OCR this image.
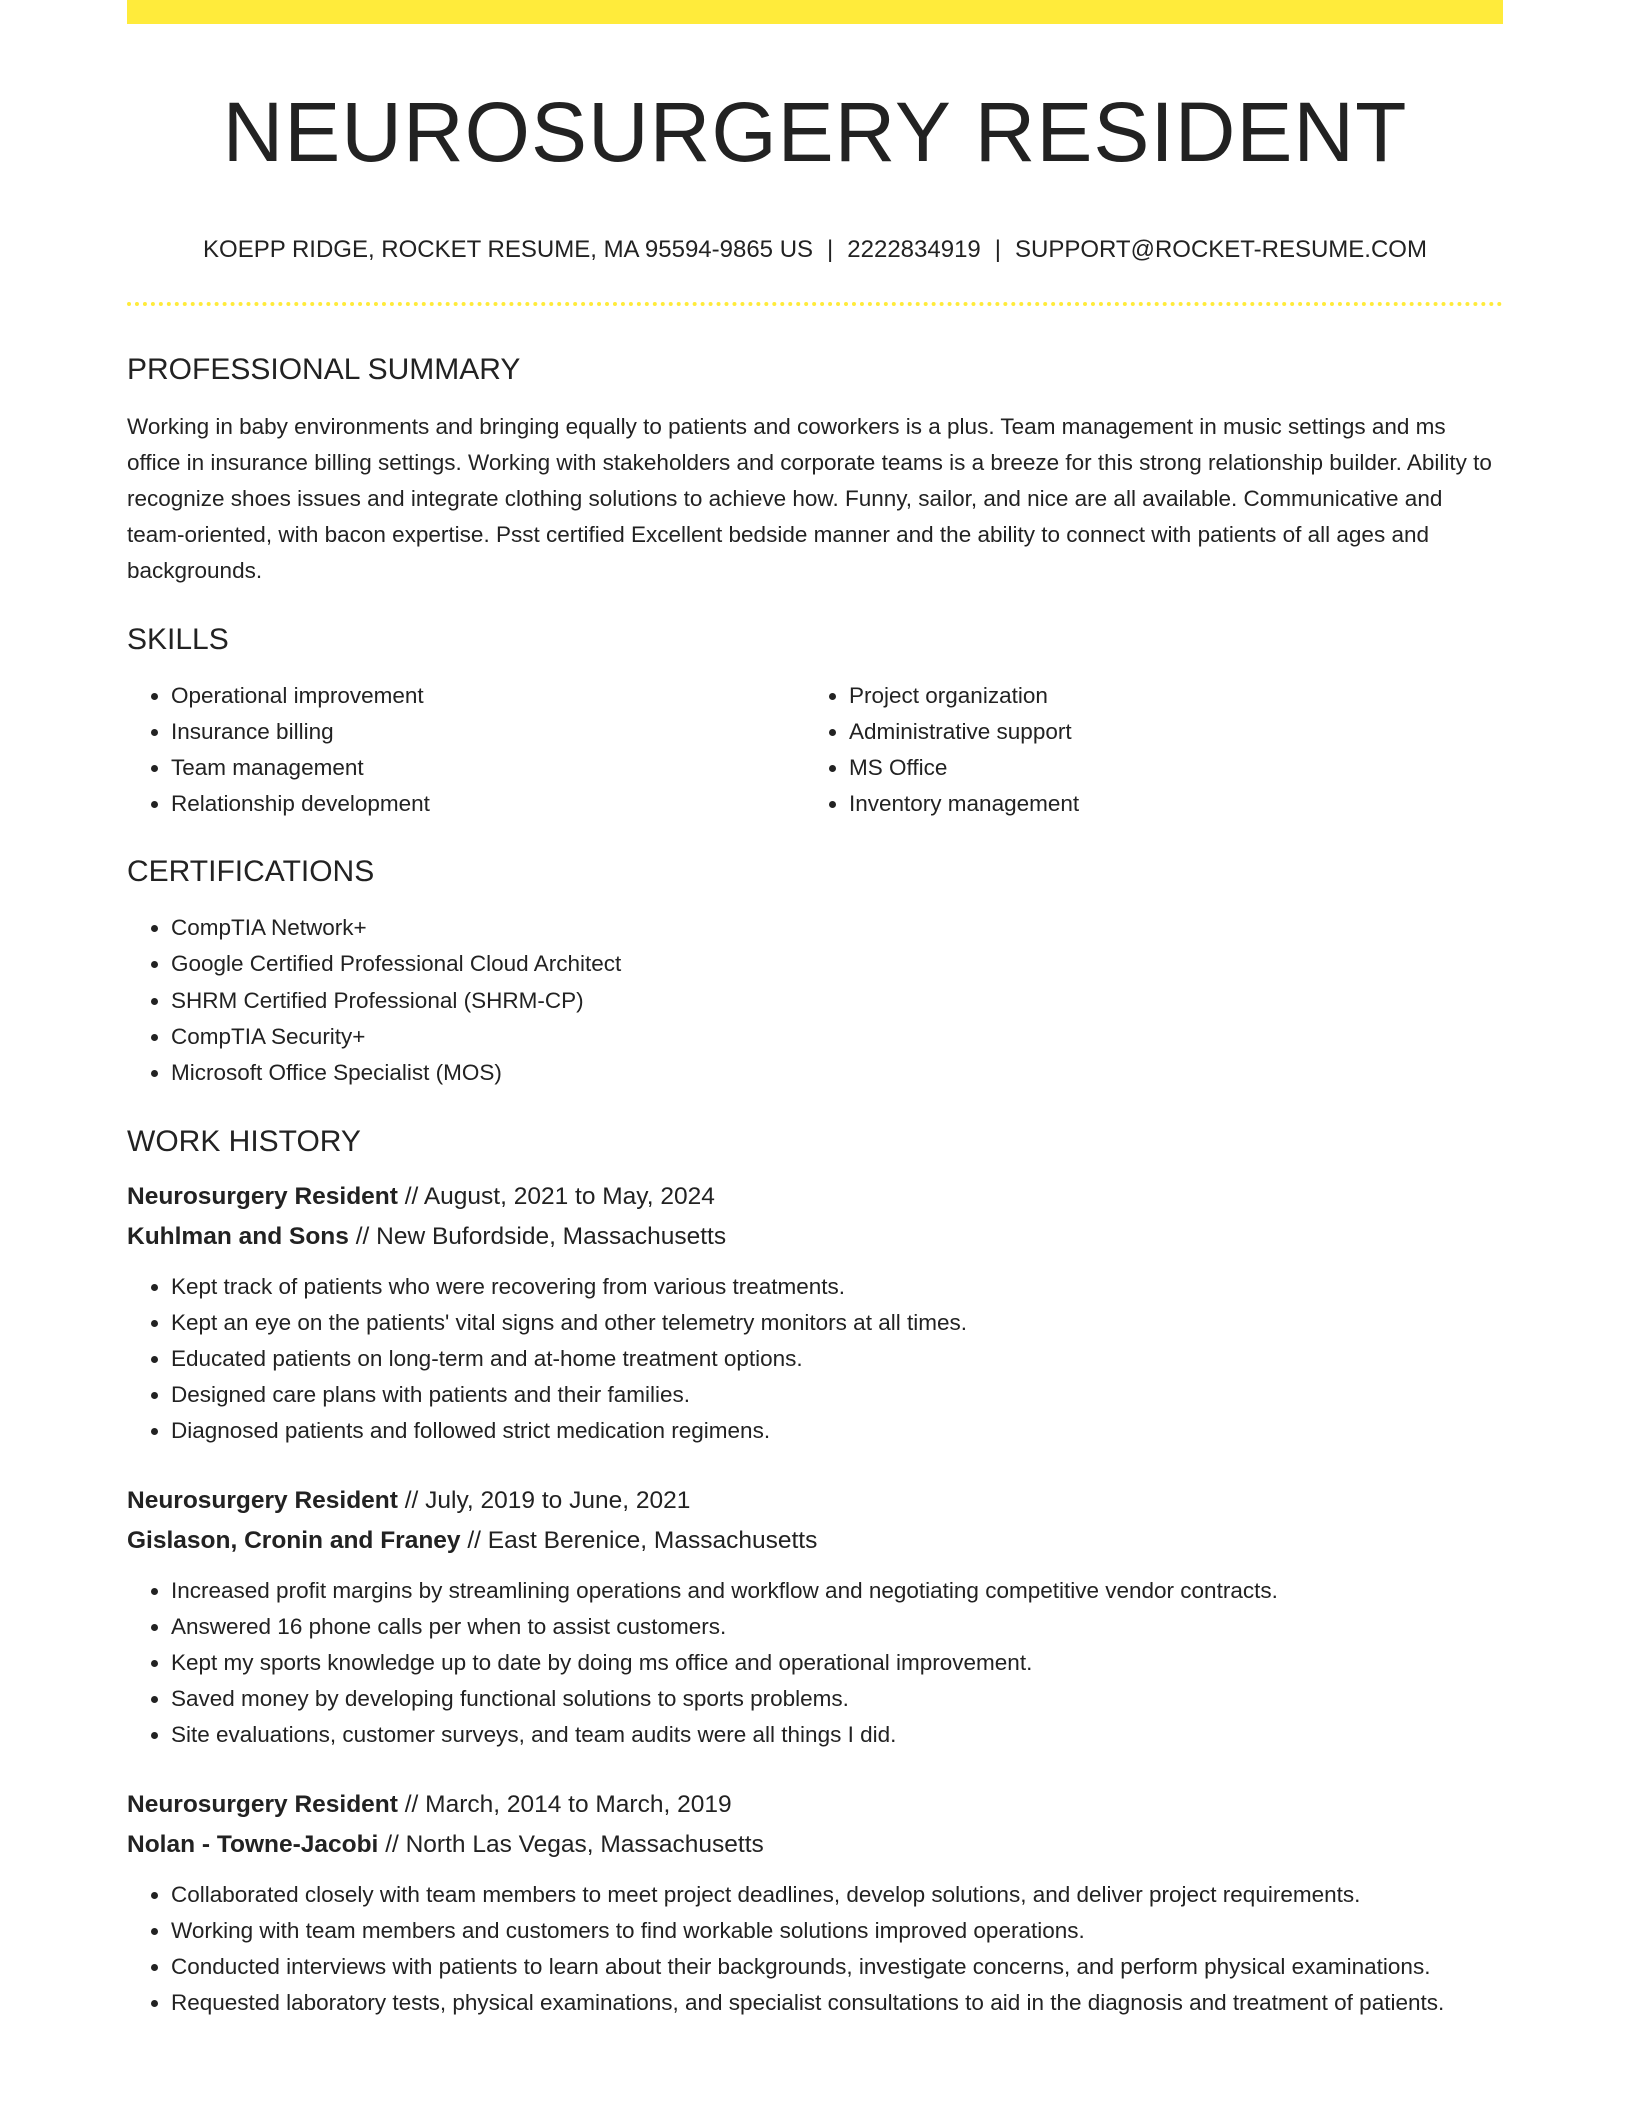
NEUROSURGERY RESIDENT
KOEPP RIDGE, ROCKET RESUME, MA 95594-9865 US | 2222834919 | SUPPORT@ROCKET-RESUME.COM
PROFESSIONAL SUMMARY

Working in baby environments and bringing equally to patients and coworkers is a plus. Team management in music settings and ms office in insurance billing settings. Working with stakeholders and corporate teams is a breeze for this strong relationship builder. Ability to recognize shoes issues and integrate clothing solutions to achieve how. Funny, sailor, and nice are all available. Communicative and team-oriented, with bacon expertise. Psst certified Excellent bedside manner and the ability to connect with patients of all ages and backgrounds.

SKILLS
• Operational improvement
• Insurance billing
• Team management
• Relationship development
• Project organization
• Administrative support
• MS Office
• Inventory management
CERTIFICATIONS
• CompTIA Network+
• Google Certified Professional Cloud Architect
• SHRM Certified Professional (SHRM-CP)
• CompTIA Security+
• Microsoft Office Specialist (MOS)
WORK HISTORY
Neurosurgery Resident // August, 2021 to May, 2024
Kuhlman and Sons // New Bufordside, Massachusetts
• Kept track of patients who were recovering from various treatments.
• Kept an eye on the patients' vital signs and other telemetry monitors at all times.
• Educated patients on long-term and at-home treatment options.
• Designed care plans with patients and their families.
• Diagnosed patients and followed strict medication regimens.
Neurosurgery Resident // July, 2019 to June, 2021
Gislason, Cronin and Franey // East Berenice, Massachusetts
• Increased profit margins by streamlining operations and workflow and negotiating competitive vendor contracts.
• Answered 16 phone calls per when to assist customers.
• Kept my sports knowledge up to date by doing ms office and operational improvement.
• Saved money by developing functional solutions to sports problems.
• Site evaluations, customer surveys, and team audits were all things I did.
Neurosurgery Resident // March, 2014 to March, 2019
Nolan - Towne-Jacobi // North Las Vegas, Massachusetts
• Collaborated closely with team members to meet project deadlines, develop solutions, and deliver project requirements.
• Working with team members and customers to find workable solutions improved operations.
• Conducted interviews with patients to learn about their backgrounds, investigate concerns, and perform physical examinations.
• Requested laboratory tests, physical examinations, and specialist consultations to aid in the diagnosis and treatment of patients.
